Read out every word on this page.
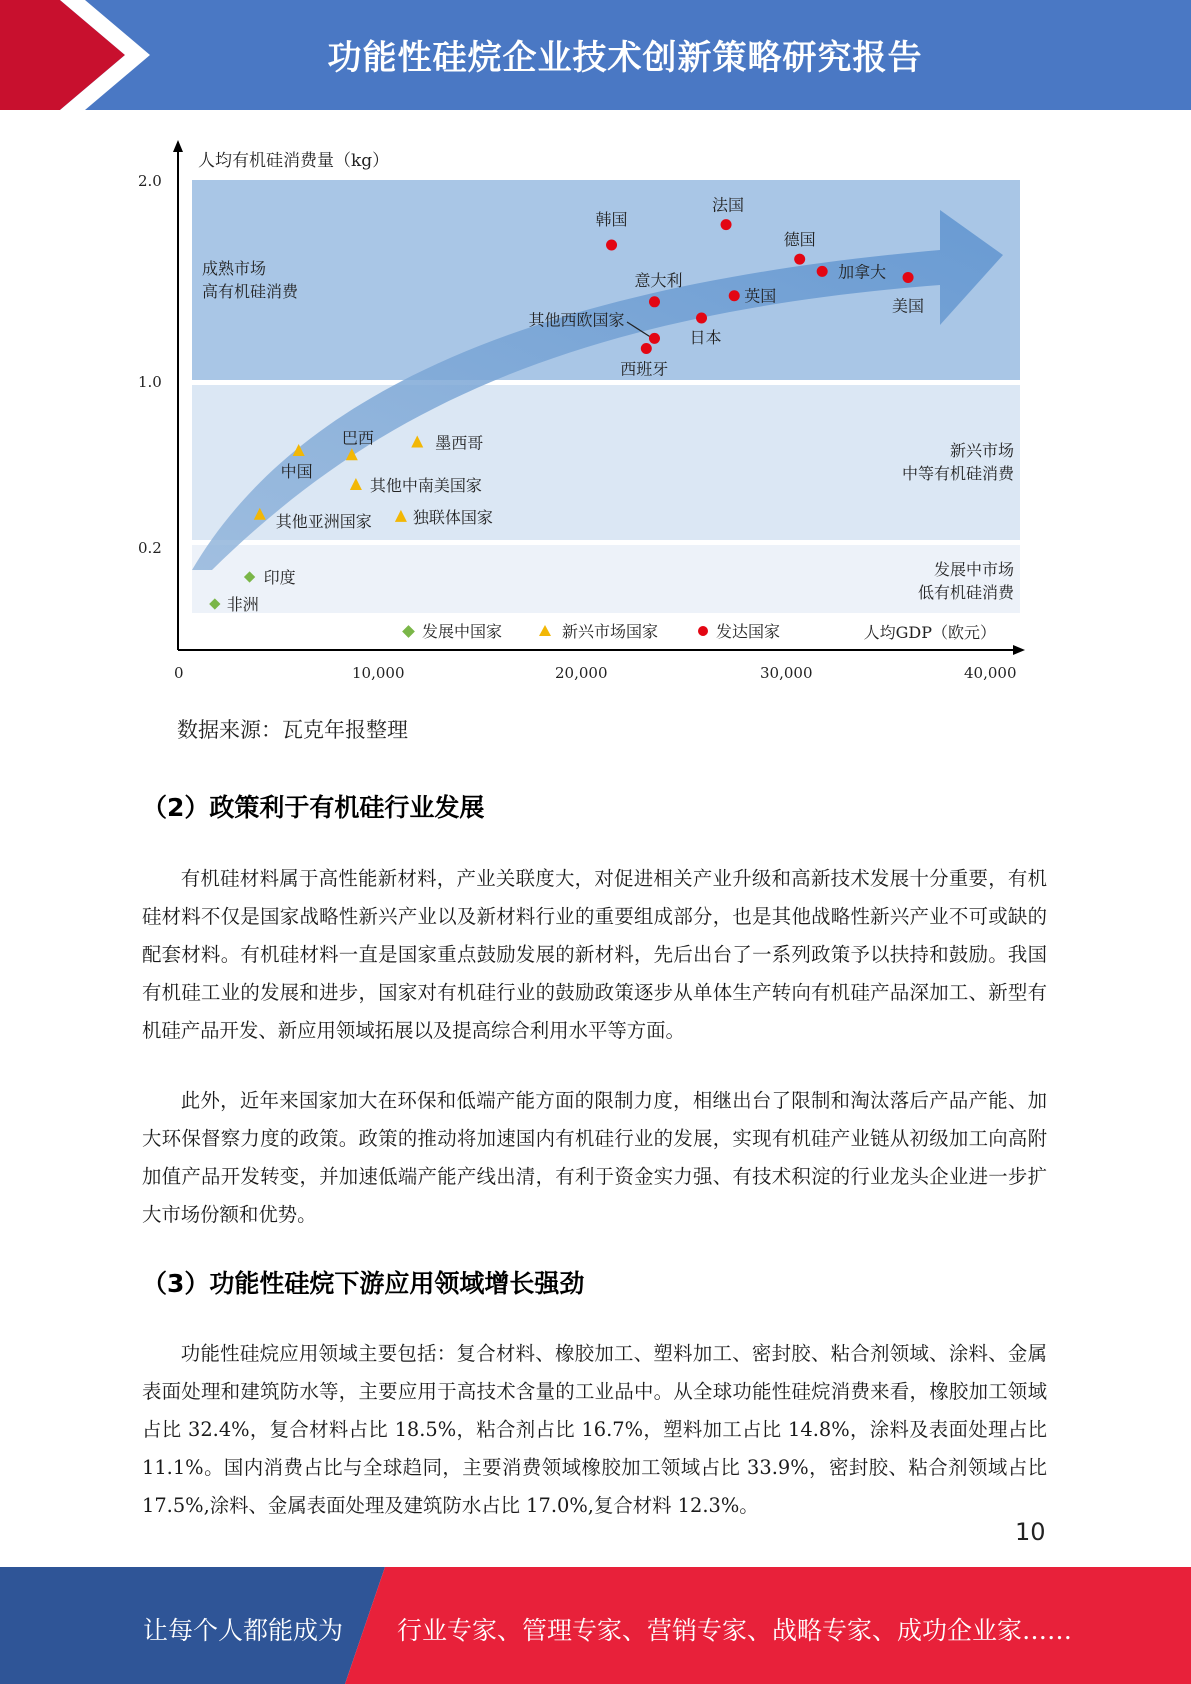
功能性硅烷企业技术创新策略研究报告
人均有机硅消费量（kg）
2.0
1.0
0.2
0	10,000	20,000	30,000	40,000
成熟市场
高有机硅消费
新兴市场
中等有机硅消费
发展中市场
低有机硅消费
发展中国家	新兴市场国家	发达国家	人均GDP（欧元）
印度
非洲
中国
巴西	墨西哥
其他中南美国家
其他亚洲国家	独联体国家
韩国
法国
德国
加拿大
美国
意大利
英国
日本
其他西欧国家
西班牙
数据来源：瓦克年报整理
（2）政策利于有机硅行业发展

有机硅材料属于高性能新材料，产业关联度大，对促进相关产业升级和高新技术发展十分重要，有机硅材料不仅是国家战略性新兴产业以及新材料行业的重要组成部分，也是其他战略性新兴产业不可或缺的配套材料。有机硅材料一直是国家重点鼓励发展的新材料，先后出台了一系列政策予以扶持和鼓励。我国有机硅工业的发展和进步，国家对有机硅行业的鼓励政策逐步从单体生产转向有机硅产品深加工、新型有机硅产品开发、新应用领域拓展以及提高综合利用水平等方面。

此外，近年来国家加大在环保和低端产能方面的限制力度，相继出台了限制和淘汰落后产品产能、加大环保督察力度的政策。政策的推动将加速国内有机硅行业的发展，实现有机硅产业链从初级加工向高附加值产品开发转变，并加速低端产能产线出清，有利于资金实力强、有技术积淀的行业龙头企业进一步扩大市场份额和优势。

（3）功能性硅烷下游应用领域增长强劲

功能性硅烷应用领域主要包括：复合材料、橡胶加工、塑料加工、密封胶、粘合剂领域、涂料、金属表面处理和建筑防水等，主要应用于高技术含量的工业品中。从全球功能性硅烷消费来看，橡胶加工领域占比 32.4%，复合材料占比 18.5%，粘合剂占比 16.7%，塑料加工占比 14.8%，涂料及表面处理占比 11.1%。国内消费占比与全球趋同，主要消费领域橡胶加工领域占比 33.9%，密封胶、粘合剂领域占比 17.5%,涂料、金属表面处理及建筑防水占比 17.0%,复合材料 12.3%。

10
让每个人都能成为 行业专家、管理专家、营销专家、战略专家、成功企业家……
